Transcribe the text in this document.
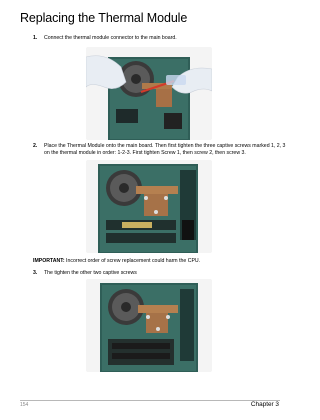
Replacing the Thermal Module
1. Connect the thermal module connector to the main board.
2. Place the Thermal Module onto the main board. Then first tighten the three captive screws marked 1, 2, 3
on the thermal module in order: 1-2-3. First tighten Screw 1, then screw 2, then screw 3.
IMPORTANT: Incorrect order of screw replacement could harm the CPU.
3. The tighten the other two captive screws
154	Chapter 3
